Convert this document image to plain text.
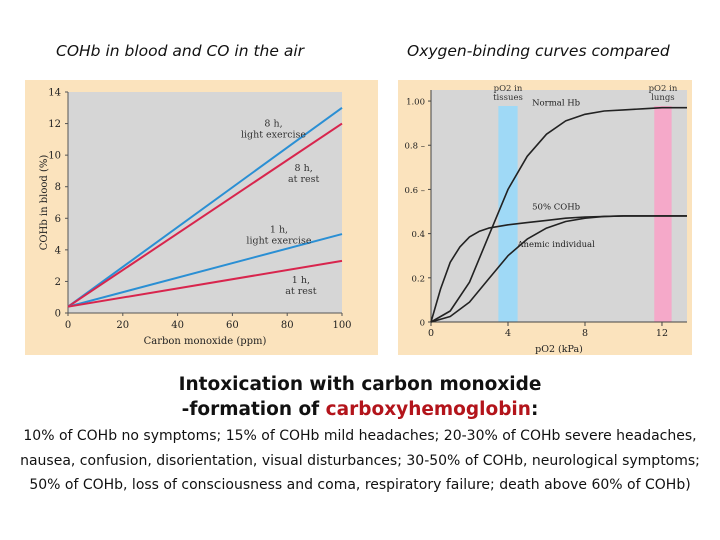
COHb in blood and CO in the air	Oxygen-binding curves compared
0
2
4
6
8
10
12
14
0	20	40	60	80	100
Carbon monoxide (ppm)
COHb in blood (%)
8 h, light exercise
8 h, at rest
1 h, light exercise
1 h, at rest
pO2 in
tissues
pO2 in
lungs
0
0.2
0.4
0.6 –
0.8 –
1.00
0	4	8	12
pO2 (kPa)
Normal Hb
50% COHb
Anemic individual
Intoxication with carbon monoxide
-formation of carboxyhemoglobin:
10% of COHb no symptoms; 15% of COHb mild headaches; 20-30% of COHb severe headaches, nausea, confusion, disorientation, visual disturbances; 30-50% of COHb, neurological symptoms; 50% of COHb, loss of consciousness and coma, respiratory failure; death above 60% of COHb)
